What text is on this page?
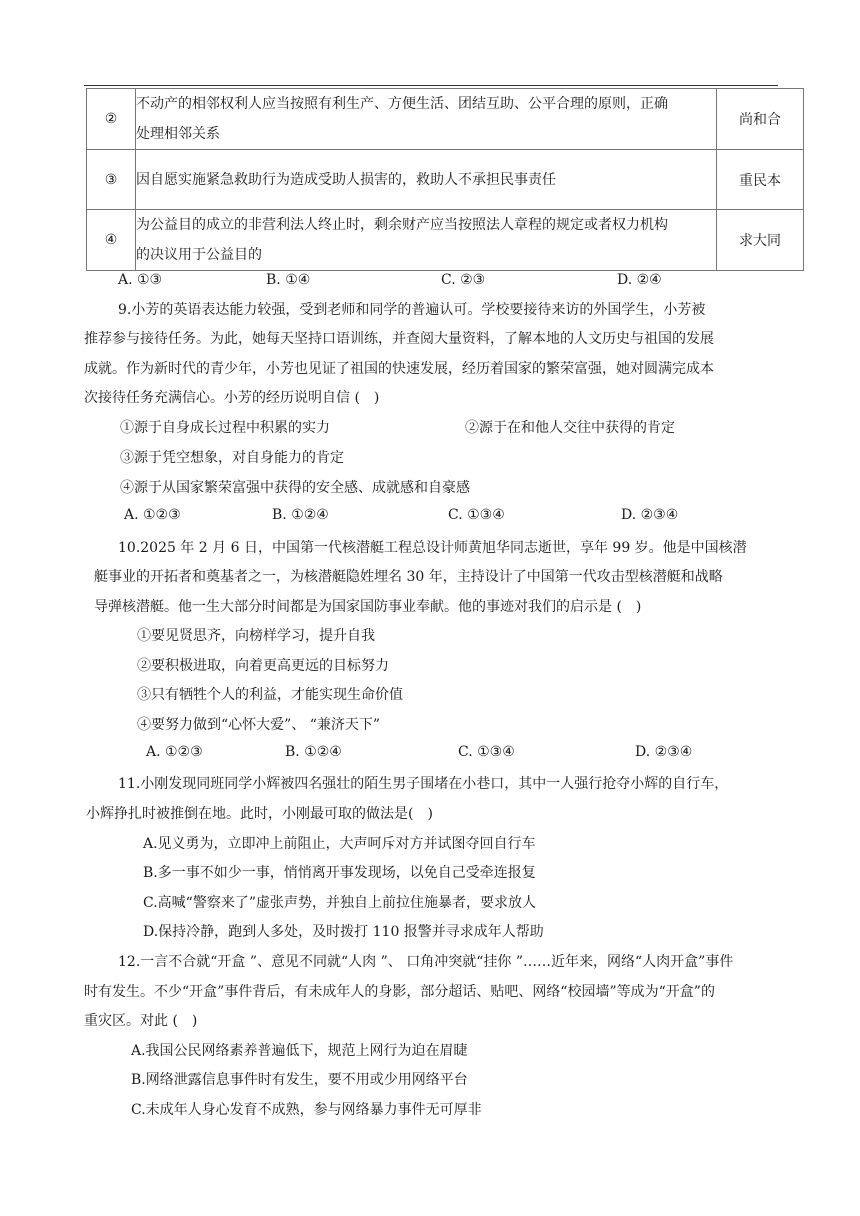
②	不动产的相邻权利人应当按照有利生产、方便生活、团结互助、公平合理的原则，正确
处理相邻关系	尚和合
③	因自愿实施紧急救助行为造成受助人损害的，救助人不承担民事责任	重民本
④	为公益目的成立的非营利法人终止时，剩余财产应当按照法人章程的规定或者权力机构
的决议用于公益目的	求大同
A. ①③	B. ①④	C. ②③	D. ②④
9.小芳的英语表达能力较强，受到老师和同学的普遍认可。学校要接待来访的外国学生，小芳被
推荐参与接待任务。为此，她每天坚持口语训练，并查阅大量资料，了解本地的人文历史与祖国的发展
成就。作为新时代的青少年，小芳也见证了祖国的快速发展，经历着国家的繁荣富强，她对圆满完成本
次接待任务充满信心。小芳的经历说明自信 (　)
①源于自身成长过程中积累的实力	②源于在和他人交往中获得的肯定
③源于凭空想象，对自身能力的肯定
④源于从国家繁荣富强中获得的安全感、成就感和自豪感
A. ①②③	B. ①②④	C. ①③④	D. ②③④
10.2025 年 2 月 6 日，中国第一代核潜艇工程总设计师黄旭华同志逝世，享年 99 岁。他是中国核潜
艇事业的开拓者和奠基者之一，为核潜艇隐姓埋名 30 年，主持设计了中国第一代攻击型核潜艇和战略
导弹核潜艇。他一生大部分时间都是为国家国防事业奉献。他的事迹对我们的启示是 (　)
①要见贤思齐，向榜样学习，提升自我
②要积极进取，向着更高更远的目标努力
③只有牺牲个人的利益，才能实现生命价值
④要努力做到“心怀大爱”、 “兼济天下”
A. ①②③	B. ①②④	C. ①③④	D. ②③④
11.小刚发现同班同学小辉被四名强壮的陌生男子围堵在小巷口，其中一人强行抢夺小辉的自行车，
小辉挣扎时被推倒在地。此时，小刚最可取的做法是(　)
A.见义勇为，立即冲上前阻止，大声呵斥对方并试图夺回自行车
B.多一事不如少一事，悄悄离开事发现场，以免自己受牵连报复
C.高喊“警察来了”虚张声势，并独自上前拉住施暴者，要求放人
D.保持冷静，跑到人多处，及时拨打 110 报警并寻求成年人帮助
12.一言不合就“开盒 ”、意见不同就“人肉 ”、 口角冲突就“挂你 ”……近年来，网络“人肉开盒”事件
时有发生。不少“开盒”事件背后，有未成年人的身影，部分超话、贴吧、网络“校园墙”等成为“开盒”的
重灾区。对此 (　)
A.我国公民网络素养普遍低下，规范上网行为迫在眉睫
B.网络泄露信息事件时有发生，要不用或少用网络平台
C.未成年人身心发育不成熟，参与网络暴力事件无可厚非
